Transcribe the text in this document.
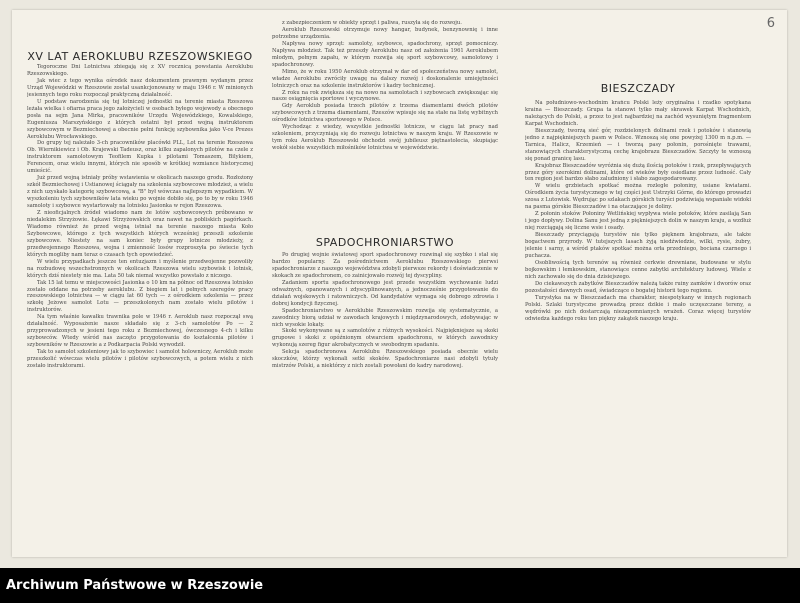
6
XV LAT AEROKLUBU RZESZOWSKIEGO

Tegoroczne Dni Lotnictwa zbiegają się z XV rocznicą powstania Aeroklubu Rzeszowskiego.

Jak wiec z tego wynika ośrodek nasz dokumentem prawnym wydanym przez Urząd Wojewódzki w Rzeszowie został usankcjonowany w maju 1946 r. W minionych jesiennych tego roku rozpoczął praktyczną działalność.

U podstaw narodzenia się tej lotniczej jednostki na terenie miasta Rzeszowa leżała wielka i ofiarna praca jego założycieli w osobach byłego wojewody a obecnego posła na sejm Jana Mirka, pracowników Urzędu Wojewódzkiego, Kowalskiego, Eugeniusza Marszyńskiego z których ostatni był przed wojną instruktorem szybowcowym w Bezmiechowej a obecnie pełni funkcję szybownika jako V-ce Prezes Aeroklubu Wrocławskiego.

Do grupy tej należało 3-ch pracowników placówki PLL, Lot na terenie Rzeszowa Ob. Wiernikiewicz i Ob. Krajewski Tadeusz, oraz kilku zapalonych pilotów na czele z instruktorem samolotowym Teofilem Kupka i pilotami Tomaszem, Bilykiem, Ferencem, oraz wielu innymi, których nie sposób w krótkiej wzmiance historycznej umieścić.

Już przed wojną istniały próby wstawienia w okolicach naszego grodu. Rozłożony szkół Bezmiechowej i Ustianowej ściągały na szkolenia szybowcowe młodzież, a wielu z nich uzyskało kategorię szybowcową, a "B" był wówczas najlepszym wypadkiem. W wyszkoleniu tych szybowników lata wieku po wojnie dobiło się, po to by w roku 1946 samoloty i szybowce wystartowały na lotnisku Jasionka w rejon Rzeszowa.

Z nieoficjalnych źródeł wiadomo nam że lotów szybowcowych próbowano w niedalekim Strzyżowie. Łękawi Strzyżowskich oraz nawet na pobliskich pagórkach. Wiadomo również że przed wojną istniał na terenie naszego miasta Koło Szybowcowe, którego z tych wszystkich których wcześniej przeszli szkolenie szybowcowe. Niestety na sam koniec były grupy lotnicze młodzieży, z przedwojennego Rzeszowa, wojna i zmienność losów rozproszyła po świecie tych których mogliby nam teraz o czasach tych opowiedzieć.

W wielu przypadkach jeszcze ten entuzjazm i myślenie przedwojenne pozwoliły na rozbudowę wszechstronnych w okolicach Rzeszowa wielu szybowisk i lotnisk, których dziś niestety nie ma. Lata 50 tak niemal wszystko powstało z niczego.

Tak 15 lat temu w miejscowości Jasionka o 10 km na północ od Rzeszowa lotnisko zostało oddane na potrzeby aeroklubu. Z biegiem lat i pełnych szeregów pracy rzeszowskiego lotnictwa — w ciągu lat 60 tych — z ośrodkiem szkolenia — przez szkołę Jeżowe samolot Lotu — przeszkolonych nam zostało wielu pilotów i instruktorów.

Na tym właśnie kawałku trawnika pole w 1946 r. Aeroklub nasz rozpoczął swą działalność. Wyposażenie nasze składało się z 3-ch samolotów Po — 2 przyprowadzonych w jesieni tego roku z Bezmiechowej, ówczesnego 4-ch i kilku szybowców. Wtedy wśród nas zaczęto przygotowania do kształcenia pilotów i szybowników w Rzeszowie a z Podkarpacia Polski wywodził.

Tak to samolot szkoleniowy jak to szybowiec i samolot holowniczy, Aeroklub może przeszkolić wówczas wielu pilotów i pilotów szybowcowych, a potem wielu z nich zostało instruktorami.

z zabezpieczeniem w obiekty sprzęt i paliwa, ruszyła się do rozwoju.

Aeroklub Rzeszowski otrzymuje nowy hangar, budynek, benzynownię i inne potrzebne urządzenia.

Napływa nowy sprzęt: samoloty, szybowce, spadochrony, sprzęt pomocniczy. Napływa młodzież. Tak też przeszły Aeroklubu nasz od założenia 1961 Aeroklubem młodym, pełnym zapału, w którym rozwija się sport szybowcowy, samolotowy i spadochronowy.

Mimo, że w roku 1950 Aeroklub otrzymał w dar od społeczeństwa nowy samolot, władze Aeroklubu zwróciły uwagę na dalszy rozwój i doskonalenie umiejętności lotniczych oraz na szkolenie instruktorów i kadry technicznej.

Z roku na rok zwiększa się na nowo na samolotach i szybowcach zwiększając się nasze osiągnięcia sportowe i wyczynowe.

Gdy Aeroklub posiada trzech pilotów z trzema diamentami dwóch pilotów szybowcowych z trzema diamentami, Rzeszów wpisuje się na stałe na listę wybitnych ośrodków lotnictwa sportowego w Polsce.

Wychodząc z wiedzy, wszystkie jednostki lotnicze, w ciągu lat pracy nad szkoleniem, przyczyniają się do rozwoju lotnictwa w naszym kraju. W Rzeszowie w tym roku Aeroklub Rzeszowski obchodzi swój jubileusz piętnastolecia, skupiając wokół siebie wszystkich miłośników lotnictwa w województwie.

SPADOCHRONIARSTWO

Po drugiej wojnie światowej sport spadochronowy rozwinął się szybko i stał się bardzo popularny. Za pośrednictwem Aeroklubu Rzeszowskiego pierwsi spadochroniarze z naszego województwa zdobyli pierwsze rekordy i doświadczenie w skokach ze spadochronem, co zainicjowało rozwój tej dyscypliny.

Zadaniem sportu spadochronowego jest przede wszystkim wychowanie ludzi odważnych, opanowanych i zdyscyplinowanych, a jednocześnie przygotowanie do działań wojskowych i ratowniczych. Od kandydatów wymaga się dobrego zdrowia i dobrej kondycji fizycznej.

Spadochroniarstwo w Aeroklubie Rzeszowskim rozwija się systematycznie, a zawodnicy biorą udział w zawodach krajowych i międzynarodowych, zdobywając w nich wysokie lokaty.

Skoki wykonywane są z samolotów z różnych wysokości. Najpiękniejsze są skoki grupowe i skoki z opóźnionym otwarciem spadochronu, w których zawodnicy wykonują szereg figur akrobatycznych w swobodnym spadaniu.

Sekcja spadochronowa Aeroklubu Rzeszowskiego posiada obecnie wielu skoczków, którzy wykonali setki skoków. Spadochroniarze nasi zdobyli tytuły mistrzów Polski, a niektórzy z nich zostali powołani do kadry narodowej.

BIESZCZADY

Na południowo-wschodnim krańcu Polski leży oryginalna i rzadko spotykana kraina — Bieszczady. Grupa ta stanowi tylko mały skrawek Karpat Wschodnich, należących do Polski, a przez to jest najbardziej na zachód wysuniętym fragmentem Karpat Wschodnich.

Bieszczady, tworzą sieć gór, rozdzielonych dolinami rzek i potoków i stanowią jedno z najpiękniejszych pasm w Polsce. Wznoszą się one powyżej 1300 m n.p.m. — Tarnica, Halicz, Krzemień — i tworzą pasy połonin, porośnięte trawami, stanowiących charakterystyczną cechę krajobrazu Bieszczadów. Szczyty te wznoszą się ponad granicę lasu.

Krajobraz Bieszczadów wyróżnia się dużą ilością potoków i rzek, przepływających przez góry szerokimi dolinami, które od wieków były osiedlane przez ludność. Cały ten region jest bardzo słabo zaludniony i słabo zagospodarowany.

W wielu grzbietach spotkać można rozległe połoniny, usiane kwiatami. Ośrodkiem życia turystycznego w tej części jest Ustrzyki Górne, do którego prowadzi szosa z Lutowisk. Wędrując po szlakach górskich turyści podziwiają wspaniałe widoki na pasma górskie Bieszczadów i na otaczające je doliny.

Z połonin stoków Połoniny Wetlińskiej wypływa wiele potoków, które zasilają San i jego dopływy. Dolina Sanu jest jedną z piękniejszych dolin w naszym kraju, a wzdłuż niej rozciągają się liczne wsie i osady.

Bieszczady przyciągają turystów nie tylko pięknem krajobrazu, ale także bogactwem przyrody. W tutejszych lasach żyją niedźwiedzie, wilki, rysie, żubry, jelenie i sarny, a wśród ptaków spotkać można orła przedniego, bociana czarnego i puchacza.

Osobliwością tych terenów są również cerkwie drewniane, budowane w stylu bojkowskim i łemkowskim, stanowiące cenne zabytki architektury ludowej. Wiele z nich zachowało się do dnia dzisiejszego.

Do ciekawszych zabytków Bieszczadów należą także ruiny zamków i dworów oraz pozostałości dawnych osad, świadczące o bogatej historii tego regionu.

Turystyka na w Bieszczadach ma charakter, niespotykany w innych regionach Polski. Szlaki turystyczne prowadzą przez dzikie i mało uczęszczane tereny, a wędrówki po nich dostarczają niezapomnianych wrażeń. Coraz więcej turystów odwiedza każdego roku ten piękny zakątek naszego kraju.

Archiwum Państwowe w Rzeszowie
